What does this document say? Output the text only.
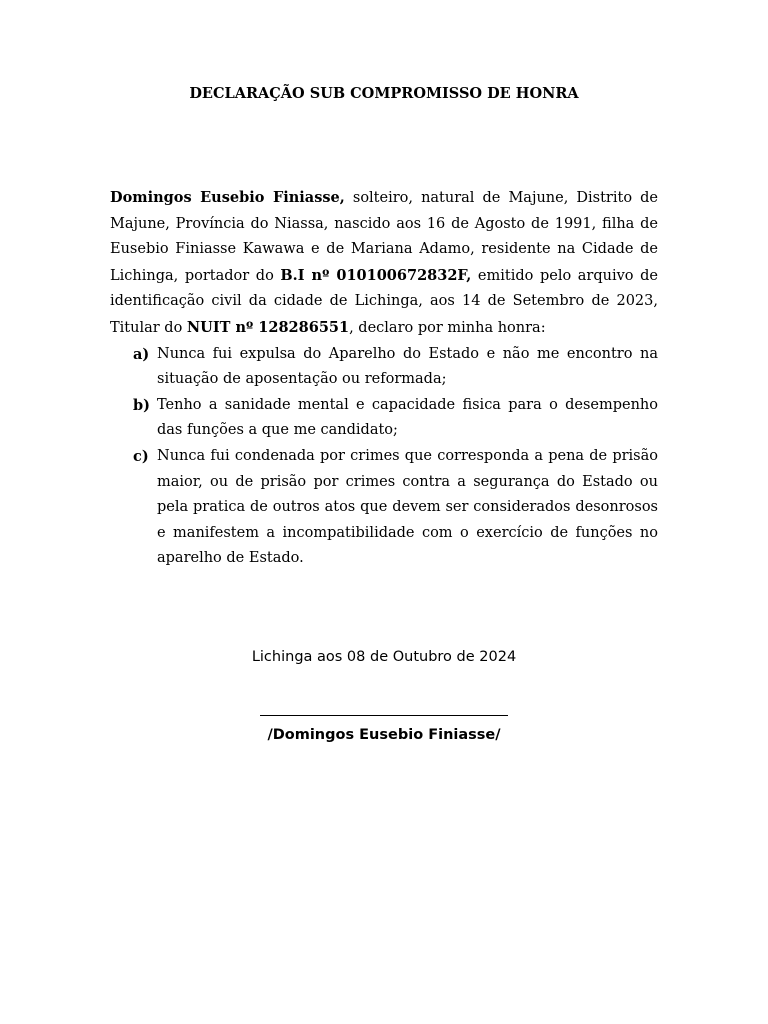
DECLARAÇÃO SUB COMPROMISSO DE HONRA

Domingos Eusebio Finiasse, solteiro, natural de Majune, Distrito de Majune, Província do Niassa, nascido aos 16 de Agosto de 1991, filha de Eusebio Finiasse Kawawa e de Mariana Adamo, residente na Cidade de Lichinga, portador do B.I nº 010100672832F, emitido pelo arquivo de identificação civil da cidade de Lichinga, aos 14 de Setembro de 2023, Titular do NUIT nº 128286551, declaro por minha honra:

a) Nunca fui expulsa do Aparelho do Estado e não me encontro na situação de aposentação ou reformada;
b) Tenho a sanidade mental e capacidade fisica para o desempenho das funções a que me candidato;
c) Nunca fui condenada por crimes que corresponda a pena de prisão maior, ou de prisão por crimes contra a segurança do Estado ou pela pratica de outros atos que devem ser considerados desonrosos e manifestem a incompatibilidade com o exercício de funções no aparelho de Estado.
Lichinga aos 08 de Outubro de 2024
/Domingos Eusebio Finiasse/
